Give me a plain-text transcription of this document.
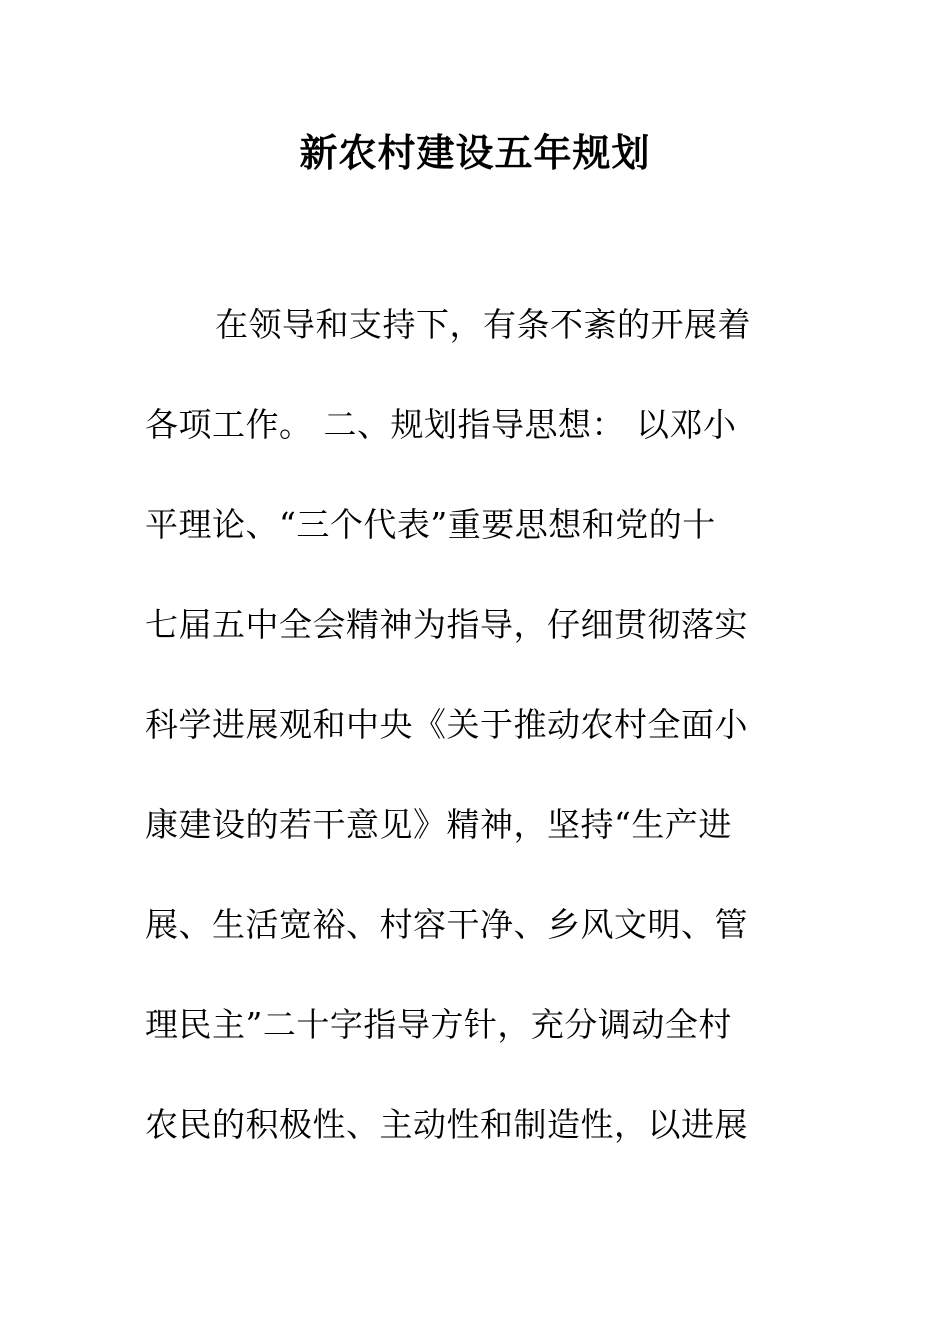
新农村建设五年规划
在领导和支持下，有条不紊的开展着
各项工作。 二、规划指导思想： 以邓小
平理论、“三个代表”重要思想和党的十
七届五中全会精神为指导，仔细贯彻落实
科学进展观和中央《关于推动农村全面小
康建设的若干意见》精神，坚持“生产进
展、生活宽裕、村容干净、乡风文明、管
理民主”二十字指导方针，充分调动全村
农民的积极性、主动性和制造性，以进展
